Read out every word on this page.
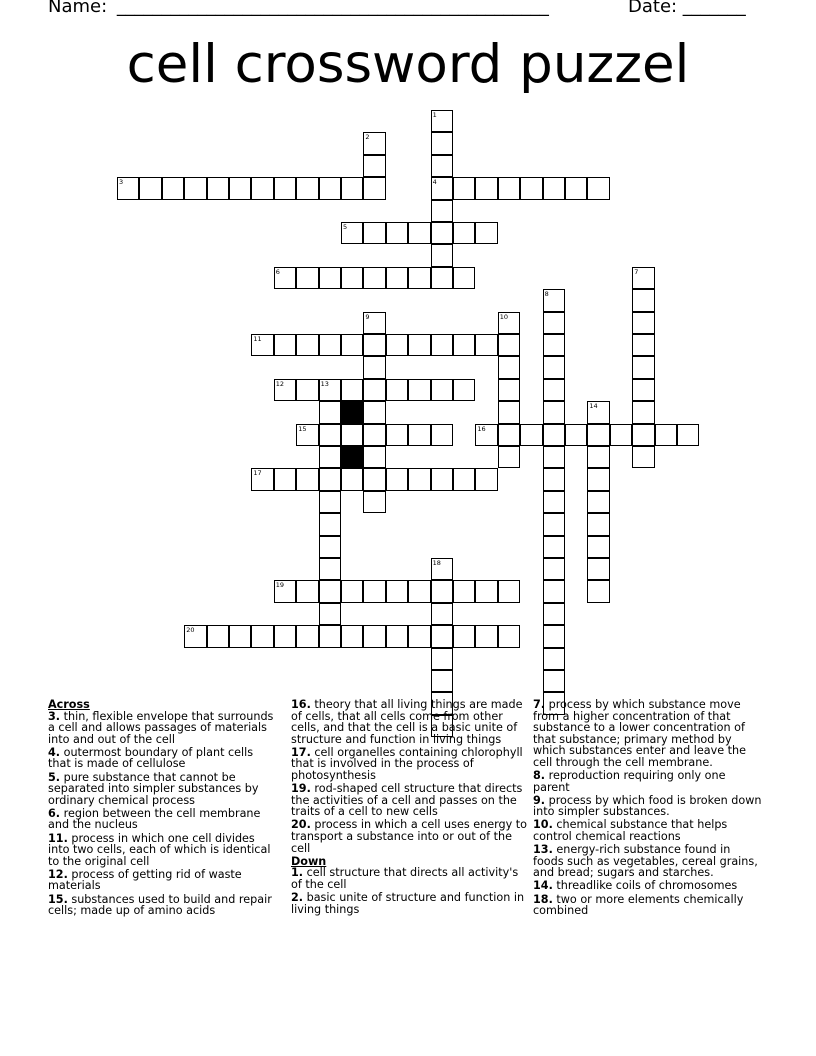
Name: ________________________________________________	Date: _______
cell crossword puzzel
3	4
5
6
11
12	13
15	16
17
19
20
1
2
7
8
9	10
14
18
Across
3. thin, flexible envelope that surrounds a cell and allows passages of materials into and out of the cell
4. outermost boundary of plant cells that is made of cellulose
5. pure substance that cannot be separated into simpler substances by ordinary chemical process
6. region between the cell membrane and the nucleus
11. process in which one cell divides into two cells, each of which is identical to the original cell
12. process of getting rid of waste materials
15. substances used to build and repair cells; made up of amino acids
16. theory that all living things are made of cells, that all cells come from other cells, and that the cell is a basic unite of structure and function in living things
17. cell organelles containing chlorophyll that is involved in the process of photosynthesis
19. rod-shaped cell structure that directs the activities of a cell and passes on the traits of a cell to new cells
20. process in which a cell uses energy to transport a substance into or out of the cell
Down
1. cell structure that directs all activity's of the cell
2. basic unite of structure and function in living things
7. process by which substance move from a higher concentration of that substance to a lower concentration of that substance; primary method by which substances enter and leave the cell through the cell membrane.
8. reproduction requiring only one parent
9. process by which food is broken down into simpler substances.
10. chemical substance that helps control chemical reactions
13. energy-rich substance found in foods such as vegetables, cereal grains, and bread; sugars and starches.
14. threadlike coils of chromosomes
18. two or more elements chemically combined
